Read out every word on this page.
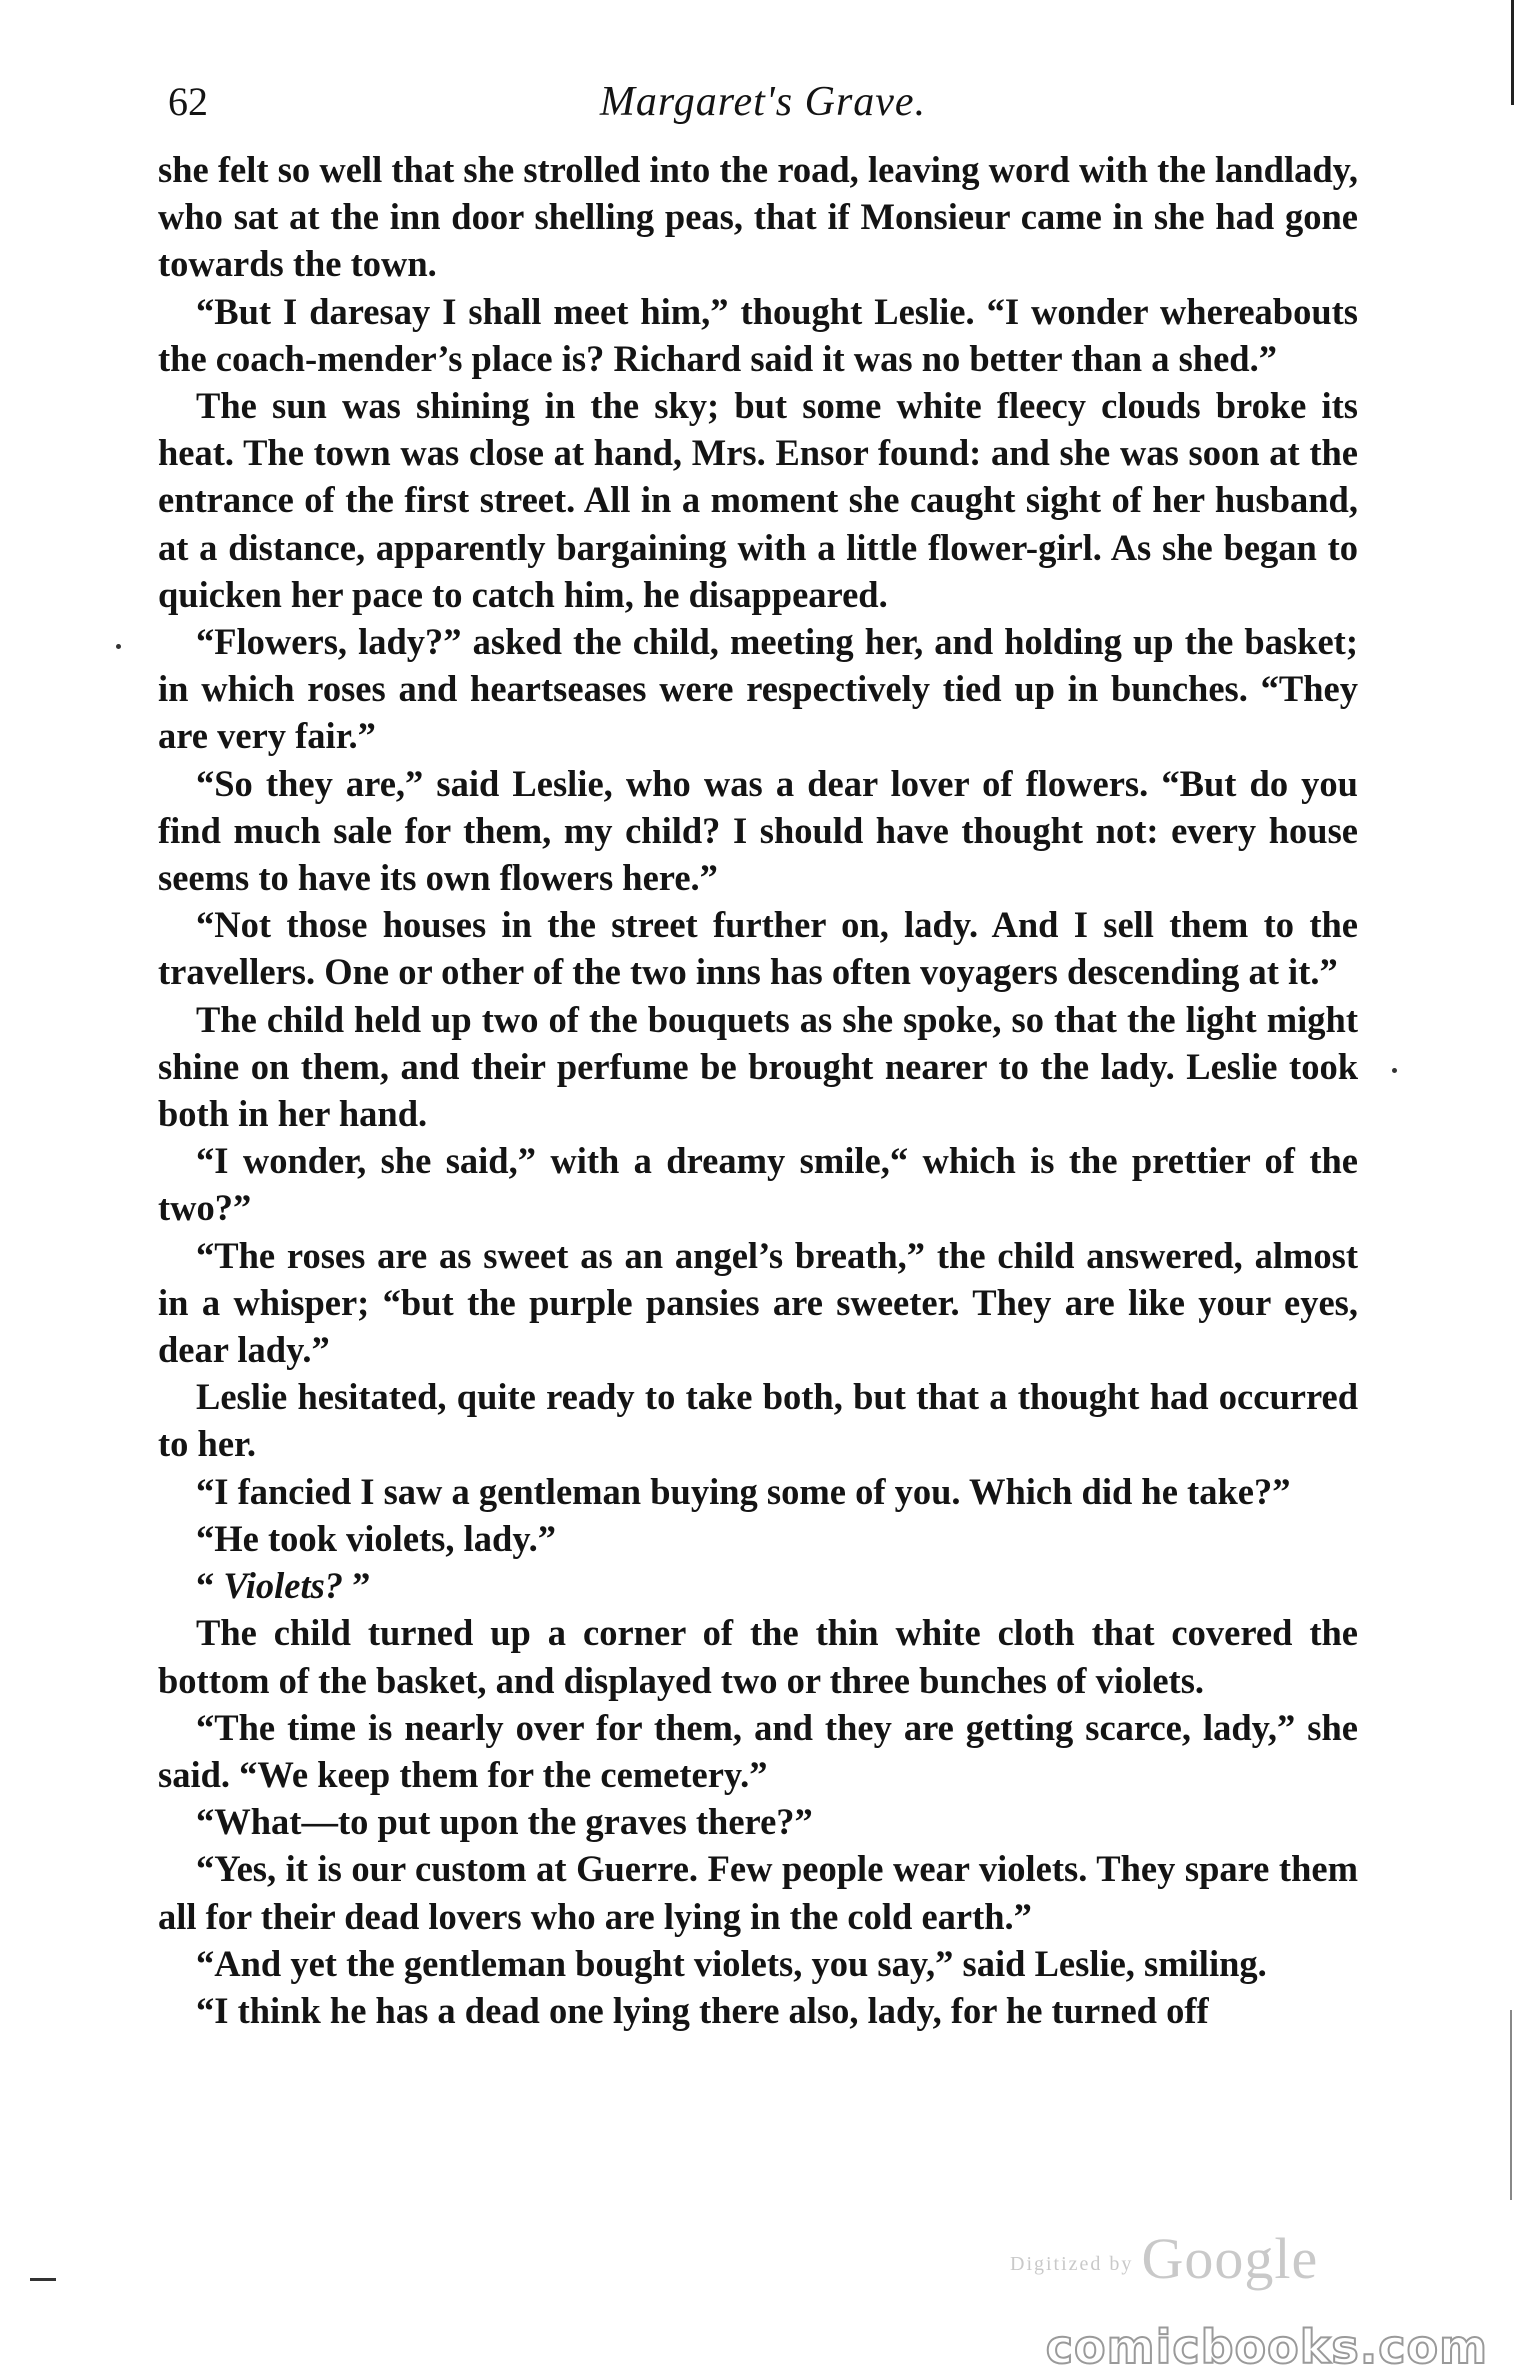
62	Margaret's Grave.

she felt so well that she strolled into the road, leaving word with the landlady, who sat at the inn door shelling peas, that if Monsieur came in she had gone towards the town.

“But I daresay I shall meet him,” thought Leslie. “I wonder whereabouts the coach-mender’s place is? Richard said it was no better than a shed.”

The sun was shining in the sky; but some white fleecy clouds broke its heat. The town was close at hand, Mrs. Ensor found: and she was soon at the entrance of the first street. All in a moment she caught sight of her husband, at a distance, apparently bargaining with a little flower-girl. As she began to quicken her pace to catch him, he disappeared.

“Flowers, lady?” asked the child, meeting her, and holding up the basket; in which roses and heartseases were respectively tied up in bunches. “They are very fair.”

“So they are,” said Leslie, who was a dear lover of flowers. “But do you find much sale for them, my child? I should have thought not: every house seems to have its own flowers here.”

“Not those houses in the street further on, lady. And I sell them to the travellers. One or other of the two inns has often voyagers descending at it.”

The child held up two of the bouquets as she spoke, so that the light might shine on them, and their perfume be brought nearer to the lady. Leslie took both in her hand.

“I wonder, she said,” with a dreamy smile,“ which is the prettier of the two?”

“The roses are as sweet as an angel’s breath,” the child answered, almost in a whisper; “but the purple pansies are sweeter. They are like your eyes, dear lady.”

Leslie hesitated, quite ready to take both, but that a thought had occurred to her.

“I fancied I saw a gentleman buying some of you. Which did he take?”

“He took violets, lady.”

“ Violets? ”

The child turned up a corner of the thin white cloth that covered the bottom of the basket, and displayed two or three bunches of violets.

“The time is nearly over for them, and they are getting scarce, lady,” she said. “We keep them for the cemetery.”

“What—to put upon the graves there?”

“Yes, it is our custom at Guerre. Few people wear violets. They spare them all for their dead lovers who are lying in the cold earth.”

“And yet the gentleman bought violets, you say,” said Leslie, smiling.

“I think he has a dead one lying there also, lady, for he turned off

Digitized by Google
comicbooks.com
